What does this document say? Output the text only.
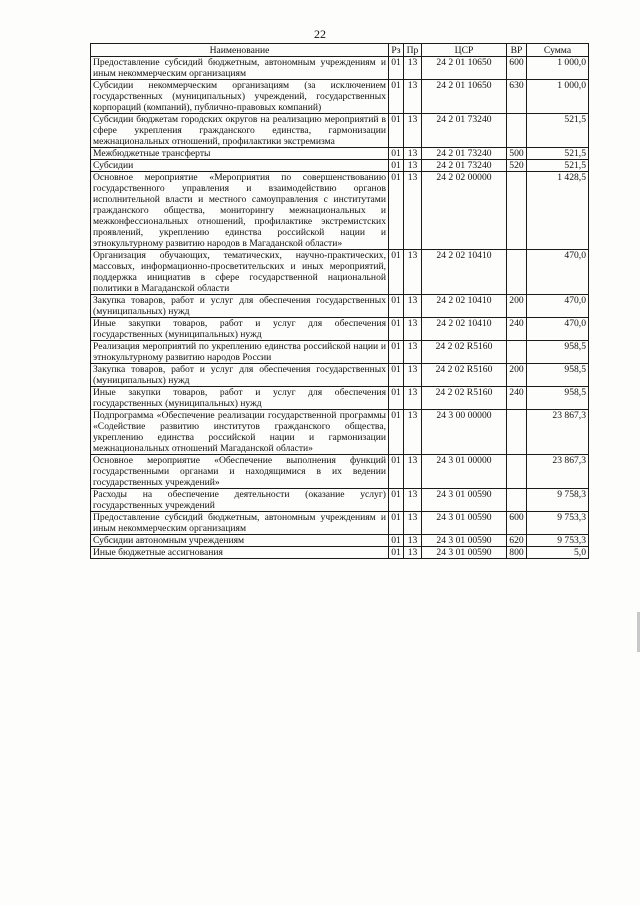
22
Наименование	Рз	Пр	ЦСР	ВР	Сумма
Предоставление субсидий бюджетным, автономным учреждениям и иным некоммерческим организациям	01	13	24 2 01 10650	600	1 000,0
Субсидии некоммерческим организациям (за исключением государственных (муниципальных) учреждений, государственных корпораций (компаний), публично-правовых компаний)	01	13	24 2 01 10650	630	1 000,0
Субсидии бюджетам городских округов на реализацию мероприятий в сфере укрепления гражданского единства, гармонизации межнациональных отношений, профилактики экстремизма	01	13	24 2 01 73240		521,5
Межбюджетные трансферты	01	13	24 2 01 73240	500	521,5
Субсидии	01	13	24 2 01 73240	520	521,5
Основное мероприятие «Мероприятия по совершенствованию государственного управления и взаимодействию органов исполнительной власти и местного самоуправления с институтами гражданского общества, мониторингу межнациональных и межконфессиональных отношений, профилактике экстремистских проявлений, укреплению единства российской нации и этнокультурному развитию народов в Магаданской области»	01	13	24 2 02 00000		1 428,5
Организация обучающих, тематических, научно-практических, массовых, информационно-просветительских и иных мероприятий, поддержка инициатив в сфере государственной национальной политики в Магаданской области	01	13	24 2 02 10410		470,0
Закупка товаров, работ и услуг для обеспечения государственных (муниципальных) нужд	01	13	24 2 02 10410	200	470,0
Иные закупки товаров, работ и услуг для обеспечения государственных (муниципальных) нужд	01	13	24 2 02 10410	240	470,0
Реализация мероприятий по укреплению единства российской нации и этнокультурному развитию народов России	01	13	24 2 02 R5160		958,5
Закупка товаров, работ и услуг для обеспечения государственных (муниципальных) нужд	01	13	24 2 02 R5160	200	958,5
Иные закупки товаров, работ и услуг для обеспечения государственных (муниципальных) нужд	01	13	24 2 02 R5160	240	958,5
Подпрограмма «Обеспечение реализации государственной программы «Содействие развитию институтов гражданского общества, укреплению единства российской нации и гармонизации межнациональных отношений Магаданской области»	01	13	24 3 00 00000		23 867,3
Основное мероприятие «Обеспечение выполнения функций государственными органами и находящимися в их ведении государственных учреждений»	01	13	24 3 01 00000		23 867,3
Расходы на обеспечение деятельности (оказание услуг) государственных учреждений	01	13	24 3 01 00590		9 758,3
Предоставление субсидий бюджетным, автономным учреждениям и иным некоммерческим организациям	01	13	24 3 01 00590	600	9 753,3
Субсидии автономным учреждениям	01	13	24 3 01 00590	620	9 753,3
Иные бюджетные ассигнования	01	13	24 3 01 00590	800	5,0
